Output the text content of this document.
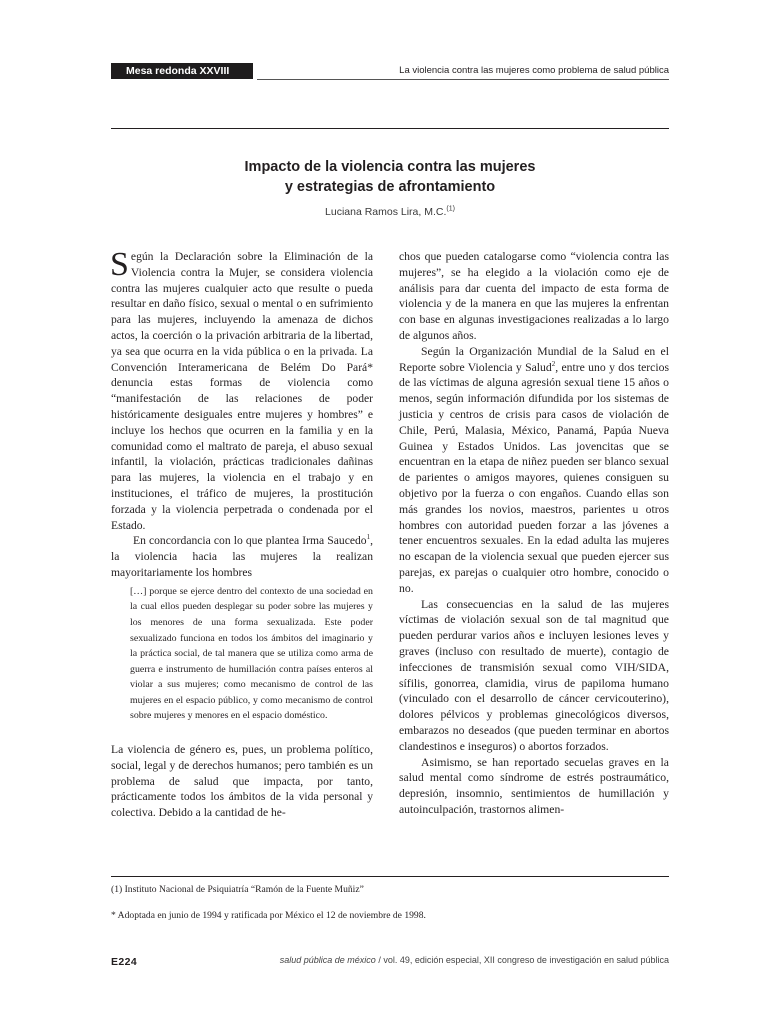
Mesa redonda XXVIII	La violencia contra las mujeres como problema de salud pública
Impacto de la violencia contra las mujeres
y estrategias de afrontamiento
Luciana Ramos Lira, M.C.$^{(1)}$

Según la Declaración sobre la Eliminación de la Violencia contra la Mujer, se considera violencia contra las mujeres cualquier acto que resulte o pueda resultar en daño físico, sexual o mental o en sufrimiento para las mujeres, incluyendo la amenaza de dichos actos, la coerción o la privación arbitraria de la libertad, ya sea que ocurra en la vida pública o en la privada. La Convención Interamericana de Belém Do Pará* denuncia estas formas de violencia como “manifestación de las relaciones de poder históricamente desiguales entre mujeres y hombres” e incluye los hechos que ocurren en la familia y en la comunidad como el maltrato de pareja, el abuso sexual infantil, la violación, prácticas tradicionales dañinas para las mujeres, la violencia en el trabajo y en instituciones, el tráfico de mujeres, la prostitución forzada y la violencia perpetrada o condenada por el Estado.

En concordancia con lo que plantea Irma Saucedo$^1$, la violencia hacia las mujeres la realizan mayoritariamente los hombres

[…] porque se ejerce dentro del contexto de una sociedad en la cual ellos pueden desplegar su poder sobre las mujeres y los menores de una forma sexualizada. Este poder sexualizado funciona en todos los ámbitos del imaginario y la práctica social, de tal manera que se utiliza como arma de guerra e instrumento de humillación contra países enteros al violar a sus mujeres; como mecanismo de control de las mujeres en el espacio público, y como mecanismo de control sobre mujeres y menores en el espacio doméstico.

La violencia de género es, pues, un problema político, social, legal y de derechos humanos; pero también es un problema de salud que impacta, por tanto, prácticamente todos los ámbitos de la vida personal y colectiva. Debido a la cantidad de he-

chos que pueden catalogarse como “violencia contra las mujeres”, se ha elegido a la violación como eje de análisis para dar cuenta del impacto de esta forma de violencia y de la manera en que las mujeres la enfrentan con base en algunas investigaciones realizadas a lo largo de algunos años.

Según la Organización Mundial de la Salud en el Reporte sobre Violencia y Salud$^2$, entre uno y dos tercios de las víctimas de alguna agresión sexual tiene 15 años o menos, según información difundida por los sistemas de justicia y centros de crisis para casos de violación de Chile, Perú, Malasia, México, Panamá, Papúa Nueva Guinea y Estados Unidos. Las jovencitas que se encuentran en la etapa de niñez pueden ser blanco sexual de parientes o amigos mayores, quienes consiguen su objetivo por la fuerza o con engaños. Cuando ellas son más grandes los novios, maestros, parientes u otros hombres con autoridad pueden forzar a las jóvenes a tener encuentros sexuales. En la edad adulta las mujeres no escapan de la violencia sexual que pueden ejercer sus parejas, ex parejas o cualquier otro hombre, conocido o no.

Las consecuencias en la salud de las mujeres víctimas de violación sexual son de tal magnitud que pueden perdurar varios años e incluyen lesiones leves y graves (incluso con resultado de muerte), contagio de infecciones de transmisión sexual como VIH/SIDA, sífilis, gonorrea, clamidia, virus de papiloma humano (vinculado con el desarrollo de cáncer cervicouterino), dolores pélvicos y problemas ginecológicos diversos, embarazos no deseados (que pueden terminar en abortos clandestinos e inseguros) o abortos forzados.

Asimismo, se han reportado secuelas graves en la salud mental como síndrome de estrés postraumático, depresión, insomnio, sentimientos de humillación y autoinculpación, trastornos alimen-

(1) Instituto Nacional de Psiquiatría “Ramón de la Fuente Muñiz”
* Adoptada en junio de 1994 y ratificada por México el 12 de noviembre de 1998.
E224	salud pública de méxico / vol. 49, edición especial, XII congreso de investigación en salud pública
